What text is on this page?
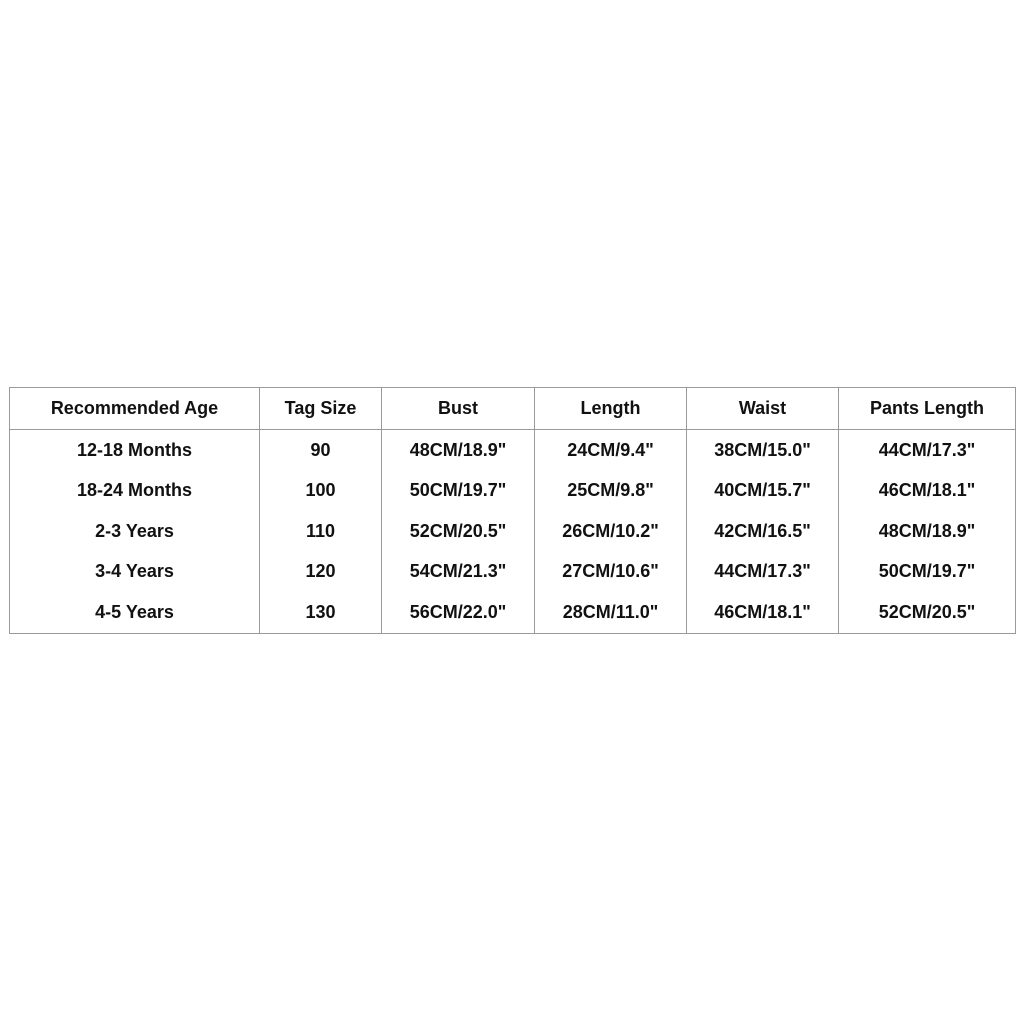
Recommended Age	Tag Size	Bust	Length	Waist	Pants Length
12-18 Months	90	48CM/18.9"	24CM/9.4"	38CM/15.0"	44CM/17.3"
18-24 Months	100	50CM/19.7"	25CM/9.8"	40CM/15.7"	46CM/18.1"
2-3 Years	110	52CM/20.5"	26CM/10.2"	42CM/16.5"	48CM/18.9"
3-4 Years	120	54CM/21.3"	27CM/10.6"	44CM/17.3"	50CM/19.7"
4-5 Years	130	56CM/22.0"	28CM/11.0"	46CM/18.1"	52CM/20.5"
